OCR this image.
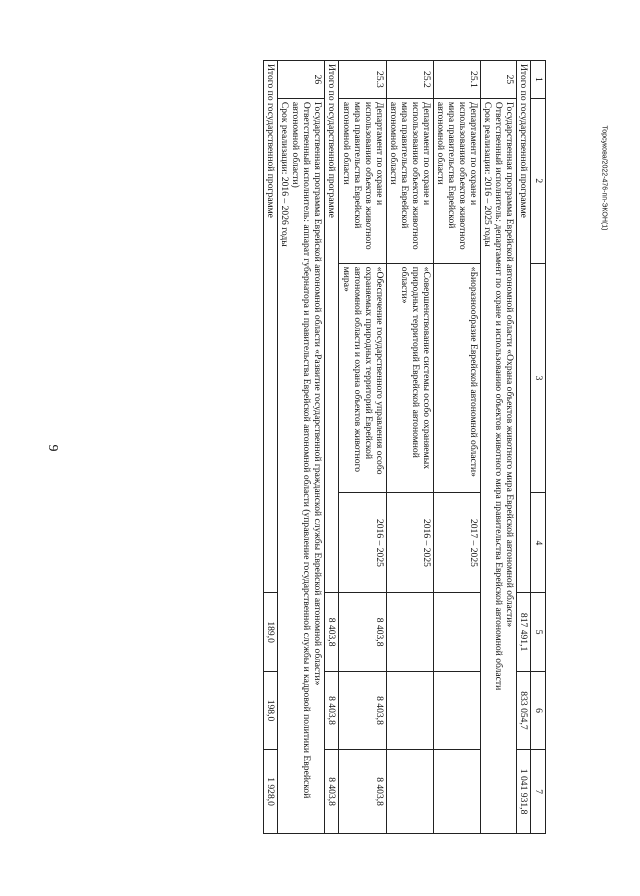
9
Торсукова/2022-476-пп-ЭКОН(1)
1	2	3	4	5	6	7
Итого по государственной программе				817 491,1	833 054,7	1 041 931,8
25	Государственная программа Еврейской автономной области «Охрана объектов животного мира Еврейской автономной области»
Ответственный исполнитель: департамент по охране и использованию объектов животного мира правительства Еврейской автономной области
Срок реализации: 2016 – 2025 годы					

25.1	Департамент по охране и использованию объектов животного мира правительства Еврейской автономной области	«Биоразнообразие Еврейской автономной области»	2017 – 2025			
25.2	Департамент по охране и использованию объектов животного мира правительства Еврейской автономной области	«Совершенствование системы особо охраняемых природных территорий Еврейской автономной области»	2016 – 2025			
25.3	Департамент по охране и использованию объектов животного мира правительства Еврейской автономной области	«Обеспечение государственного управления особо охраняемых природных территорий Еврейской автономной области и охрана объектов животного мира»	2016 – 2025	8 403,8	8 403,8	8 403,8
Итого по государственной программе				8 403,8	8 403,8	8 403,8
26	Государственная программа Еврейской автономной области «Развитие государственной гражданской службы Еврейской автономной области»
Ответственный исполнитель: аппарат губернатора и правительства Еврейской автономной области (управление государственной службы и кадровой политики Еврейской автономной области)
Срок реализации: 2016 – 2026 годы					

Итого по государственной программе				189,0	198,0	1 928,0
